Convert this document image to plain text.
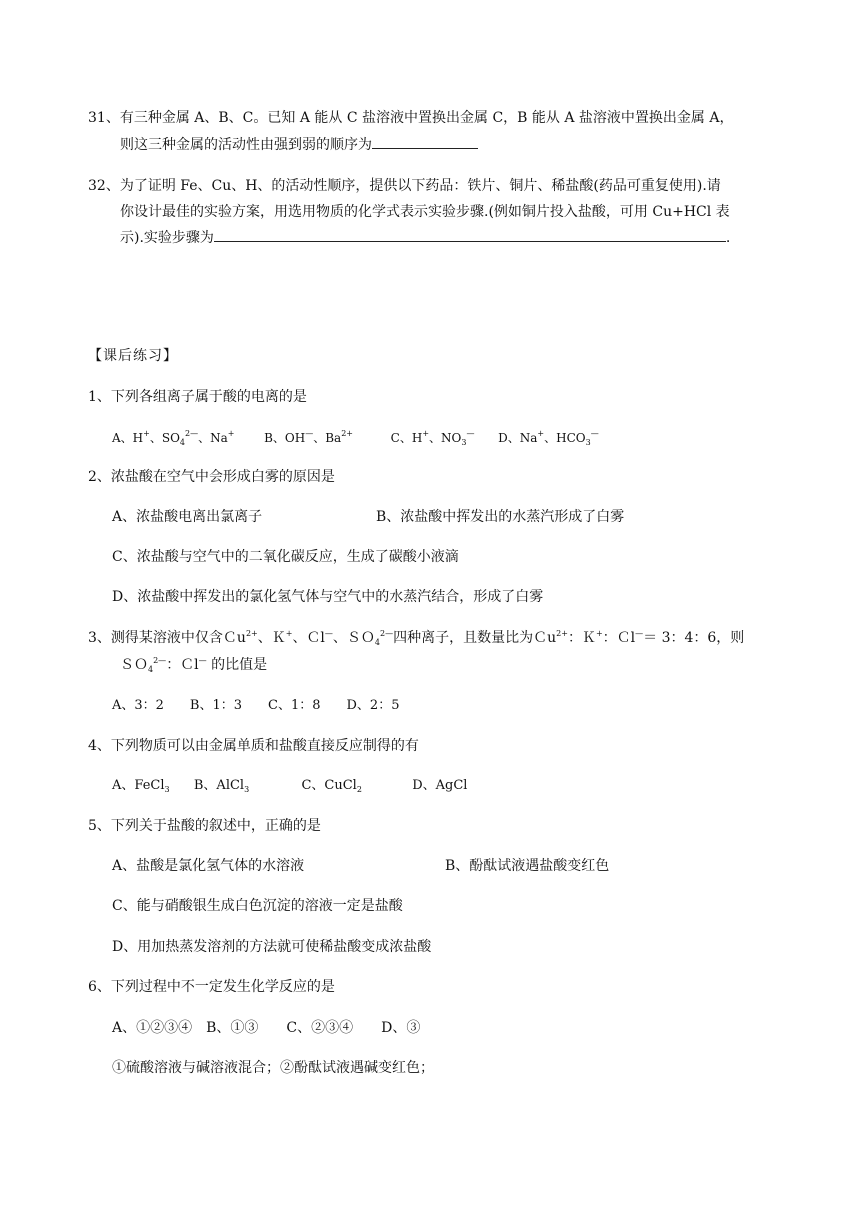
31、有三种金属 A、B、C。已知 A 能从 C 盐溶液中置换出金属 C，B 能从 A 盐溶液中置换出金属 A，
则这三种金属的活动性由强到弱的顺序为
32、为了证明 Fe、Cu、H、的活动性顺序，提供以下药品：铁片、铜片、稀盐酸(药品可重复使用).请
你设计最佳的实验方案，用选用物质的化学式表示实验步骤.(例如铜片投入盐酸，可用 Cu+HCl 表
示).实验步骤为	.
【课后练习】
1、下列各组离子属于酸的电离的是
A、H+、$SO_4^{2—}$、Na+ B、OH—、$Ba^{2+}$	C、H+、$NO_3^—$ D、Na+、$HCO_3^—$
2、浓盐酸在空气中会形成白雾的原因是
A、浓盐酸电离出氯离子	B、浓盐酸中挥发出的水蒸汽形成了白雾
C、浓盐酸与空气中的二氧化碳反应，生成了碳酸小液滴
D、浓盐酸中挥发出的氯化氢气体与空气中的水蒸汽结合，形成了白雾
3、测得某溶液中仅含Ｃu$^{2+}$、Ｋ+、Ｃl—、ＳＯ$_4^{2—}$四种离子，且数量比为Ｃu$^{2+}$：Ｋ+：Ｃl—＝ 3：4：6，则
ＳＯ$_4^{2—}$：Ｃl— 的比值是
A、3：2　　B、1：3　　C、1：8　　D、2：5
4、下列物质可以由金属单质和盐酸直接反应制得的有
A、FeCl$_3$ B、AlCl$_3$	C、CuCl$_2$	D、AgCl
5、下列关于盐酸的叙述中，正确的是
A、盐酸是氯化氢气体的水溶液	B、酚酞试液遇盐酸变红色
C、能与硝酸银生成白色沉淀的溶液一定是盐酸
D、用加热蒸发溶剂的方法就可使稀盐酸变成浓盐酸
6、下列过程中不一定发生化学反应的是
A、①②③④　B、①③　　C、②③④　　D、③
①硫酸溶液与碱溶液混合；②酚酞试液遇碱变红色；
